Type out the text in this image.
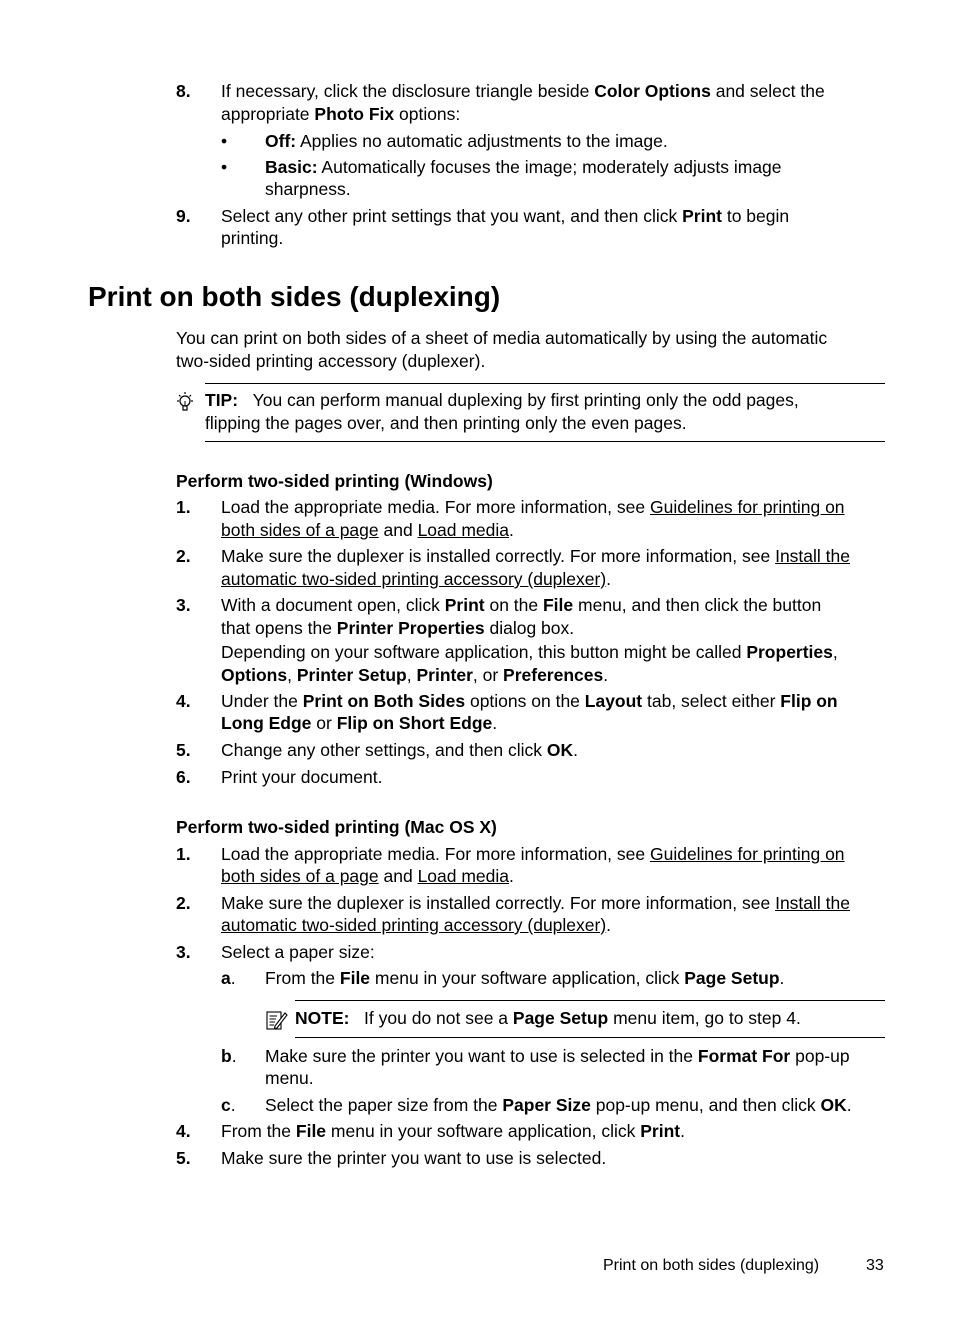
8. If necessary, click the disclosure triangle beside Color Options and select the
appropriate Photo Fix options:
• Off: Applies no automatic adjustments to the image.
• Basic: Automatically focuses the image; moderately adjusts image
sharpness.
9. Select any other print settings that you want, and then click Print to begin
printing.
Print on both sides (duplexing)
You can print on both sides of a sheet of media automatically by using the automatic
two-sided printing accessory (duplexer).
TIP: You can perform manual duplexing by first printing only the odd pages,
flipping the pages over, and then printing only the even pages.
Perform two-sided printing (Windows)
1. Load the appropriate media. For more information, see Guidelines for printing on
both sides of a page and Load media.
2. Make sure the duplexer is installed correctly. For more information, see Install the
automatic two-sided printing accessory (duplexer).
3. With a document open, click Print on the File menu, and then click the button
that opens the Printer Properties dialog box.
Depending on your software application, this button might be called Properties,
Options, Printer Setup, Printer, or Preferences.
4. Under the Print on Both Sides options on the Layout tab, select either Flip on
Long Edge or Flip on Short Edge.
5. Change any other settings, and then click OK.
6. Print your document.
Perform two-sided printing (Mac OS X)
1. Load the appropriate media. For more information, see Guidelines for printing on
both sides of a page and Load media.
2. Make sure the duplexer is installed correctly. For more information, see Install the
automatic two-sided printing accessory (duplexer).
3. Select a paper size:
a. From the File menu in your software application, click Page Setup.
NOTE: If you do not see a Page Setup menu item, go to step 4.
b. Make sure the printer you want to use is selected in the Format For pop-up
menu.
c. Select the paper size from the Paper Size pop-up menu, and then click OK.
4. From the File menu in your software application, click Print.
5. Make sure the printer you want to use is selected.
Print on both sides (duplexing)	33
